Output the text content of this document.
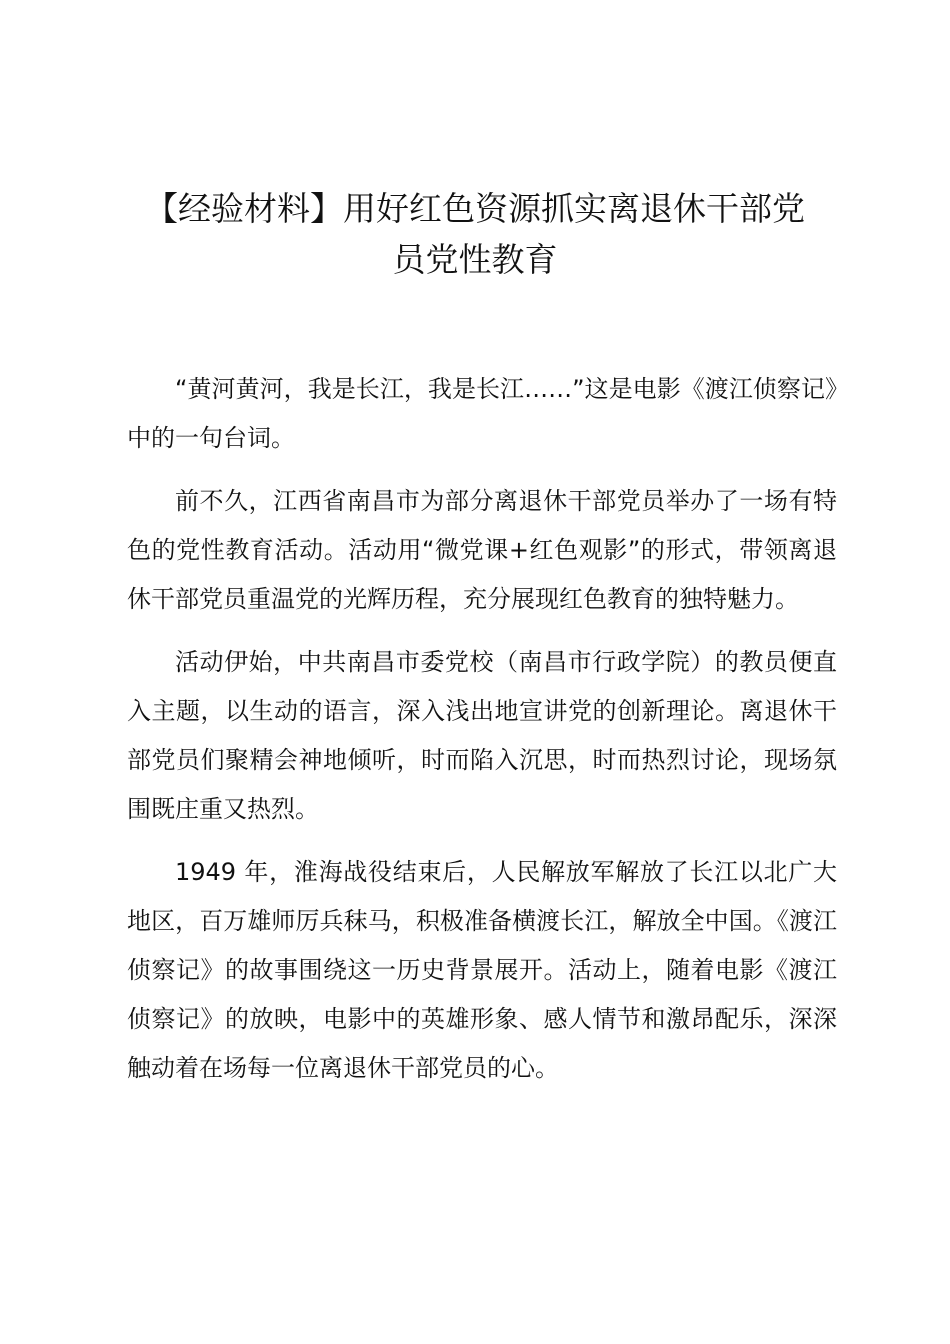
【经验材料】用好红色资源抓实离退休干部党
员党性教育

“黄河黄河，我是长江，我是长江……”这是电影《渡江侦察记》中的一句台词。

前不久，江西省南昌市为部分离退休干部党员举办了一场有特色的党性教育活动。活动用“微党课+红色观影”的形式，带领离退休干部党员重温党的光辉历程，充分展现红色教育的独特魅力。

活动伊始，中共南昌市委党校（南昌市行政学院）的教员便直入主题，以生动的语言，深入浅出地宣讲党的创新理论。离退休干部党员们聚精会神地倾听，时而陷入沉思，时而热烈讨论，现场氛围既庄重又热烈。

1949 年，淮海战役结束后，人民解放军解放了长江以北广大地区，百万雄师厉兵秣马，积极准备横渡长江，解放全中国。《渡江侦察记》的故事围绕这一历史背景展开。活动上，随着电影《渡江侦察记》的放映，电影中的英雄形象、感人情节和激昂配乐，深深触动着在场每一位离退休干部党员的心。
